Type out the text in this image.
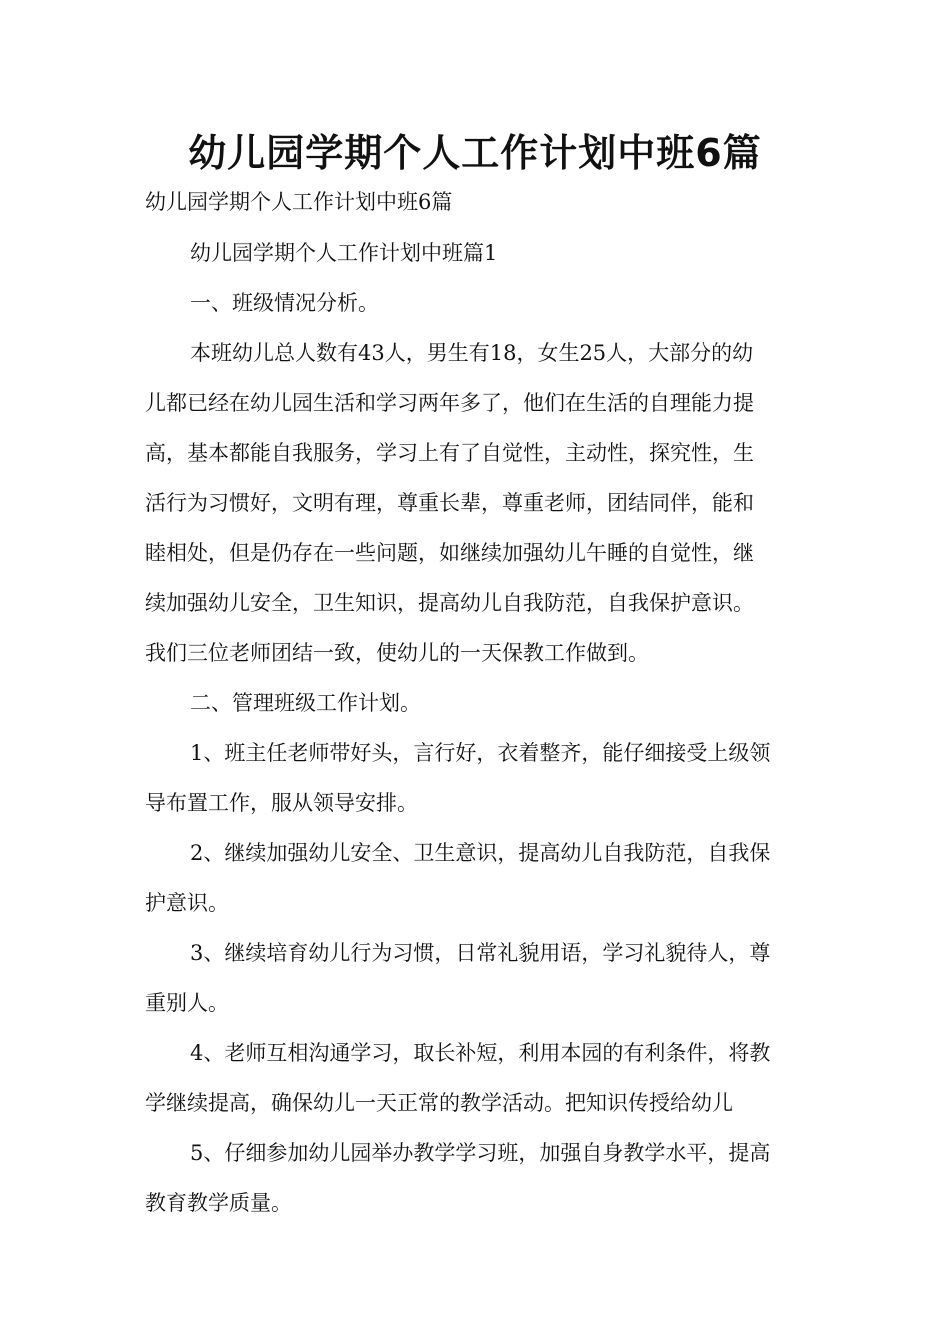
幼儿园学期个人工作计划中班6篇
幼儿园学期个人工作计划中班6篇
幼儿园学期个人工作计划中班篇1
一、班级情况分析。
本班幼儿总人数有43人，男生有18，女生25人，大部分的幼
儿都已经在幼儿园生活和学习两年多了，他们在生活的自理能力提
高，基本都能自我服务，学习上有了自觉性，主动性，探究性，生
活行为习惯好，文明有理，尊重长辈，尊重老师，团结同伴，能和
睦相处，但是仍存在一些问题，如继续加强幼儿午睡的自觉性，继
续加强幼儿安全，卫生知识，提高幼儿自我防范，自我保护意识。
我们三位老师团结一致，使幼儿的一天保教工作做到。
二、管理班级工作计划。
1、班主任老师带好头，言行好，衣着整齐，能仔细接受上级领
导布置工作，服从领导安排。
2、继续加强幼儿安全、卫生意识，提高幼儿自我防范，自我保
护意识。
3、继续培育幼儿行为习惯，日常礼貌用语，学习礼貌待人，尊
重别人。
4、老师互相沟通学习，取长补短，利用本园的有利条件，将教
学继续提高，确保幼儿一天正常的教学活动。把知识传授给幼儿
5、仔细参加幼儿园举办教学学习班，加强自身教学水平，提高
教育教学质量。
